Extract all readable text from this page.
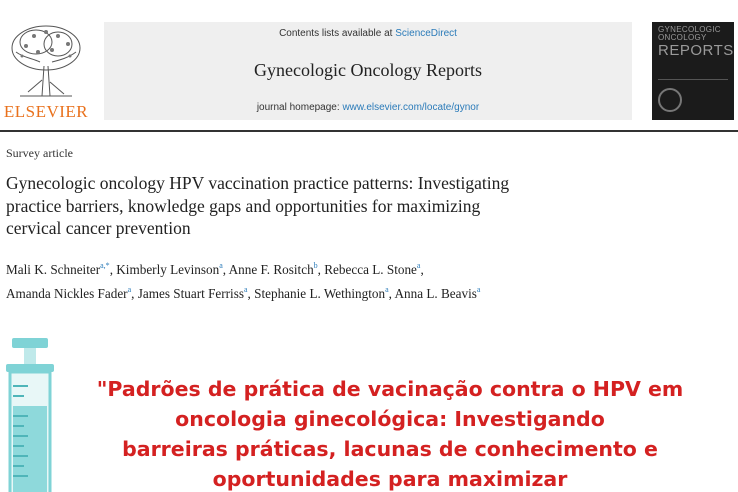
ELSEVIER
Contents lists available at ScienceDirect
Gynecologic Oncology Reports
journal homepage: www.elsevier.com/locate/gynor
GYNECOLOGIC
ONCOLOGY
REPORTS
Survey article
Gynecologic oncology HPV vaccination practice patterns: Investigating
practice barriers, knowledge gaps and opportunities for maximizing
cervical cancer prevention
Mali K. Schneiter$^{a,*}$, Kimberly Levinson$^a$, Anne F. Rositch$^b$, Rebecca L. Stone$^a$,
Amanda Nickles Fader$^a$, James Stuart Ferriss$^a$, Stephanie L. Wethington$^a$, Anna L. Beavis$^a$
"Padrões de prática de vacinação contra o HPV em
oncologia ginecológica: Investigando
barreiras práticas, lacunas de conhecimento e
oportunidades para maximizar
